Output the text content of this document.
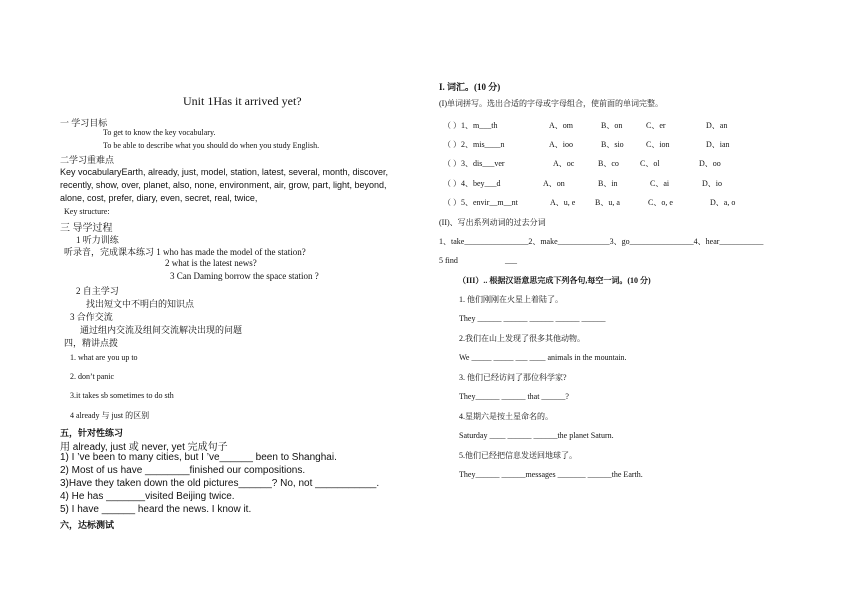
Unit 1Has it arrived yet?
一 学习目标
To get to know the key vocabulary.
To be able to describe what you should do when you study English.
二学习重难点
Key vocabularyEarth, already, just, model, station, latest, several, month, discover,
recently, show, over, planet, also, none, environment, air, grow, part, light, beyond,
alone, cost, prefer, diary, even, secret, real, twice,
Key structure:
三 导学过程
1 听力训练
听录音，完成课本练习 1 who has made the model of the station?
2 what is the latest news?
3 Can Daming borrow the space station ?
2 自主学习
找出短文中不明白的知识点
3 合作交流
通过组内交流及组间交流解决出现的问题
四，精讲点拨
1. what are you up to
2. don’t panic
3.it takes sb sometimes to do sth
4 already 与 just 的区别
五，针对性练习
用 already, just 或 never, yet 完成句子
1) I ’ve been to many cities, but I ’ve______ been to Shanghai.
2) Most of us have ________finished our compositions.
3)Have they taken down the old pictures______? No, not ___________.
4) He has _______visited Beijing twice.
5) I have ______ heard the news. I know it.
六，达标测试
I. 词汇。(10 分)
(I)单词拼写。选出合适的字母或字母组合，使前面的单词完整。
（ ）1、m___th	A、om	B、on	C、er	D、an
（ ）2、mis____n	A、ioo	B、sio	C、ion	D、ian
（ ）3、dis___ver	A、oc	B、co	C、ol	D、oo
（ ）4、bey___d	A、on	B、in	C、ai	D、io
（ ）5、envir__m__nt	A、u, e B、u, a	C、o, e	D、a, o
(II)、写出系列动词的过去分词
1、take________________2、make_____________3、go________________4、hear___________
5 find	___
（III）.. 根据汉语意思完成下列各句,每空一词。(10 分)
1. 他们刚刚在火星上着陆了。
They ______ ______ ______ ______ ______
2.我们在山上发现了很多其他动物。
We _____ _____ ___ ____ animals in the mountain.
3. 他们已经访问了那位科学家?
They______ ______ that ______?
4.星期六是按土星命名的。
Saturday ____ ______ ______the planet Saturn.
5.他们已经把信息发送回地球了。
They______ ______messages _______ ______the Earth.
